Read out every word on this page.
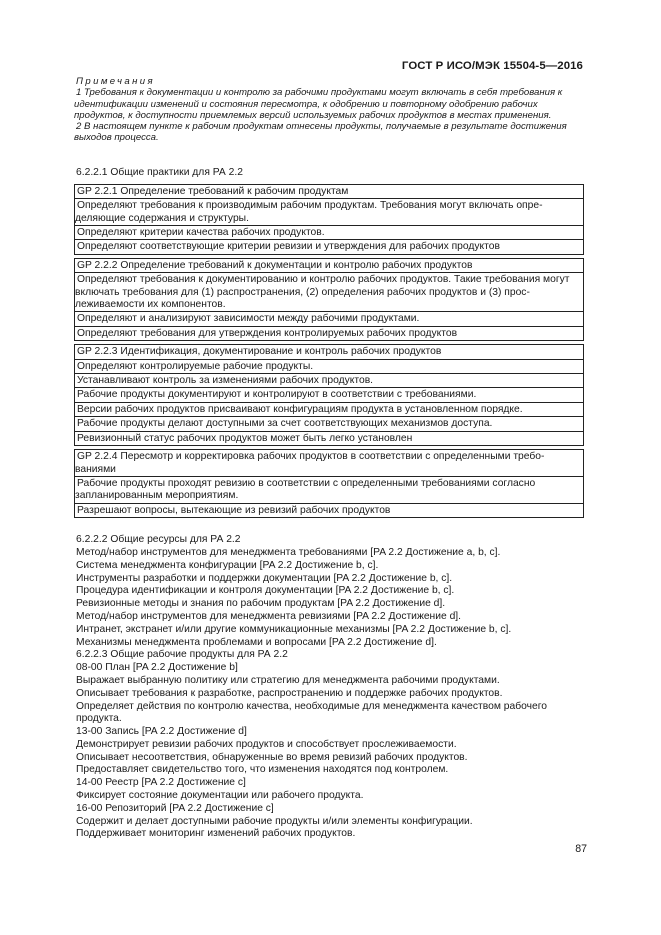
ГОСТ Р ИСО/МЭК 15504-5—2016

Примечания

1 Требования к документации и контролю за рабочими продуктами могут включать в себя требования к идентификации изменений и состояния пересмотра, к одобрению и повторному одобрению рабочих продуктов, к доступности приемлемых версий используемых рабочих продуктов в местах применения.

2 В настоящем пункте к рабочим продуктам отнесены продукты, получаемые в результате достижения выходов процесса.

6.2.2.1 Общие практики для РА 2.2

GP 2.2.1 Определение требований к рабочим продуктам
Определяют требования к производимым рабочим продуктам. Требования могут включать опре-деляющие содержания и структуры.
Определяют критерии качества рабочих продуктов.
Определяют соответствующие критерии ревизии и утверждения для рабочих продуктов
GP 2.2.2 Определение требований к документации и контролю рабочих продуктов
Определяют требования к документированию и контролю рабочих продуктов. Такие требования могут включать требования для (1) распространения, (2) определения рабочих продуктов и (3) прос-леживаемости их компонентов.
Определяют и анализируют зависимости между рабочими продуктами.
Определяют требования для утверждения контролируемых рабочих продуктов
GP 2.2.3 Идентификация, документирование и контроль рабочих продуктов
Определяют контролируемые рабочие продукты.
Устанавливают контроль за изменениями рабочих продуктов.
Рабочие продукты документируют и контролируют в соответствии с требованиями.
Версии рабочих продуктов присваивают конфигурациям продукта в установленном порядке.
Рабочие продукты делают доступными за счет соответствующих механизмов доступа.
Ревизионный статус рабочих продуктов может быть легко установлен
GP 2.2.4 Пересмотр и корректировка рабочих продуктов в соответствии с определенными требо-ваниями
Рабочие продукты проходят ревизию в соответствии с определенными требованиями согласно запланированным мероприятиям.
Разрешают вопросы, вытекающие из ревизий рабочих продуктов

6.2.2.2 Общие ресурсы для РА 2.2

Метод/набор инструментов для менеджмента требованиями [PA 2.2 Достижение a, b, c].

Система менеджмента конфигурации [PA 2.2 Достижение b, c].

Инструменты разработки и поддержки документации [PA 2.2 Достижение b, c].

Процедура идентификации и контроля документации [PA 2.2 Достижение b, c].

Ревизионные методы и знания по рабочим продуктам [PA 2.2 Достижение d].

Метод/набор инструментов для менеджмента ревизиями [PA 2.2 Достижение d].

Интранет, экстранет и/или другие коммуникационные механизмы [PA 2.2 Достижение b, c].

Механизмы менеджмента проблемами и вопросами [PA 2.2 Достижение d].

6.2.2.3 Общие рабочие продукты для РА 2.2

08-00 План [PA 2.2 Достижение b]

Выражает выбранную политику или стратегию для менеджмента рабочими продуктами.

Описывает требования к разработке, распространению и поддержке рабочих продуктов.

Определяет действия по контролю качества, необходимые для менеджмента качеством рабочего продукта.

13-00 Запись [PA 2.2 Достижение d]

Демонстрирует ревизии рабочих продуктов и способствует прослеживаемости.

Описывает несоответствия, обнаруженные во время ревизий рабочих продуктов.

Предоставляет свидетельство того, что изменения находятся под контролем.

14-00 Реестр [PA 2.2 Достижение c]

Фиксирует состояние документации или рабочего продукта.

16-00 Репозиторий [PA 2.2 Достижение c]

Содержит и делает доступными рабочие продукты и/или элементы конфигурации.

Поддерживает мониторинг изменений рабочих продуктов.

87
